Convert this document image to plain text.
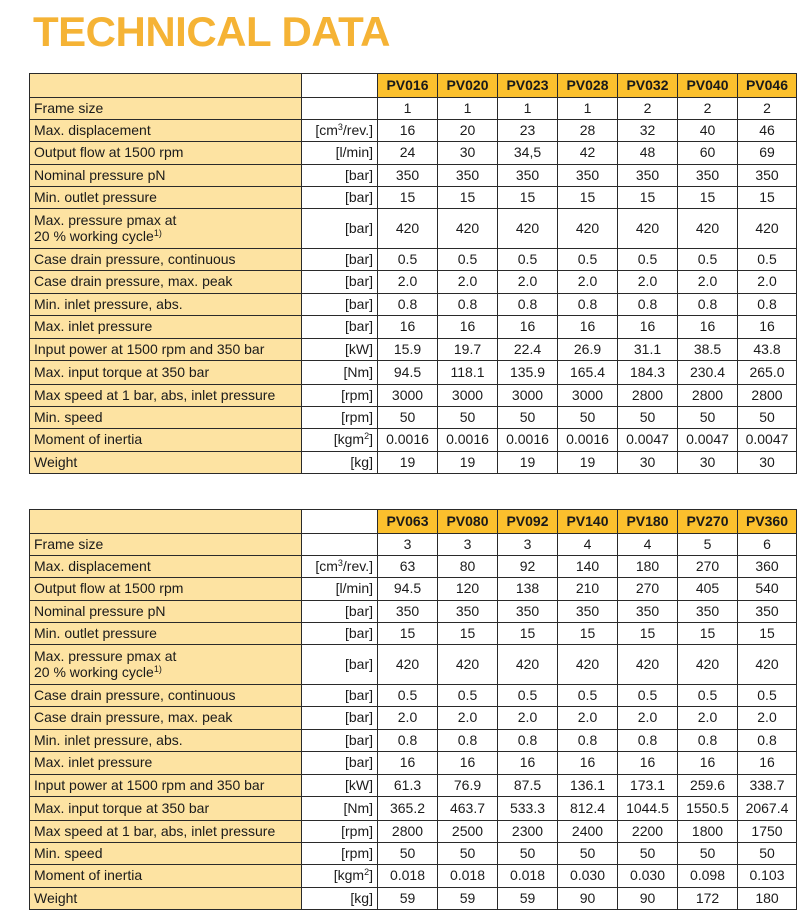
TECHNICAL DATA
		PV016	PV020	PV023	PV028	PV032	PV040	PV046
Frame size		1	1	1	1	2	2	2
Max. displacement	$[cm^3/rev.]$	16	20	23	28	32	40	46
Output flow at 1500 rpm	[l/min]	24	30	34,5	42	48	60	69
Nominal pressure pN	[bar]	350	350	350	350	350	350	350
Min. outlet pressure	[bar]	15	15	15	15	15	15	15
Max. pressure pmax at
20 % working cycle$^{1)}$	[bar]	420	420	420	420	420	420	420
Case drain pressure, continuous	[bar]	0.5	0.5	0.5	0.5	0.5	0.5	0.5
Case drain pressure, max. peak	[bar]	2.0	2.0	2.0	2.0	2.0	2.0	2.0
Min. inlet pressure, abs.	[bar]	0.8	0.8	0.8	0.8	0.8	0.8	0.8
Max. inlet pressure	[bar]	16	16	16	16	16	16	16
Input power at 1500 rpm and 350 bar	[kW]	15.9	19.7	22.4	26.9	31.1	38.5	43.8
Max. input torque at 350 bar	[Nm]	94.5	118.1	135.9	165.4	184.3	230.4	265.0
Max speed at 1 bar, abs, inlet pressure	[rpm]	3000	3000	3000	3000	2800	2800	2800
Min. speed	[rpm]	50	50	50	50	50	50	50
Moment of inertia	[kgm$^2$]	0.0016	0.0016	0.0016	0.0016	0.0047	0.0047	0.0047
Weight	[kg]	19	19	19	19	30	30	30
		PV063	PV080	PV092	PV140	PV180	PV270	PV360
Frame size		3	3	3	4	4	5	6
Max. displacement	$[cm^3/rev.]$	63	80	92	140	180	270	360
Output flow at 1500 rpm	[l/min]	94.5	120	138	210	270	405	540
Nominal pressure pN	[bar]	350	350	350	350	350	350	350
Min. outlet pressure	[bar]	15	15	15	15	15	15	15
Max. pressure pmax at
20 % working cycle$^{1)}$	[bar]	420	420	420	420	420	420	420
Case drain pressure, continuous	[bar]	0.5	0.5	0.5	0.5	0.5	0.5	0.5
Case drain pressure, max. peak	[bar]	2.0	2.0	2.0	2.0	2.0	2.0	2.0
Min. inlet pressure, abs.	[bar]	0.8	0.8	0.8	0.8	0.8	0.8	0.8
Max. inlet pressure	[bar]	16	16	16	16	16	16	16
Input power at 1500 rpm and 350 bar	[kW]	61.3	76.9	87.5	136.1	173.1	259.6	338.7
Max. input torque at 350 bar	[Nm]	365.2	463.7	533.3	812.4	1044.5	1550.5	2067.4
Max speed at 1 bar, abs, inlet pressure	[rpm]	2800	2500	2300	2400	2200	1800	1750
Min. speed	[rpm]	50	50	50	50	50	50	50
Moment of inertia	[kgm$^2$]	0.018	0.018	0.018	0.030	0.030	0.098	0.103
Weight	[kg]	59	59	59	90	90	172	180
